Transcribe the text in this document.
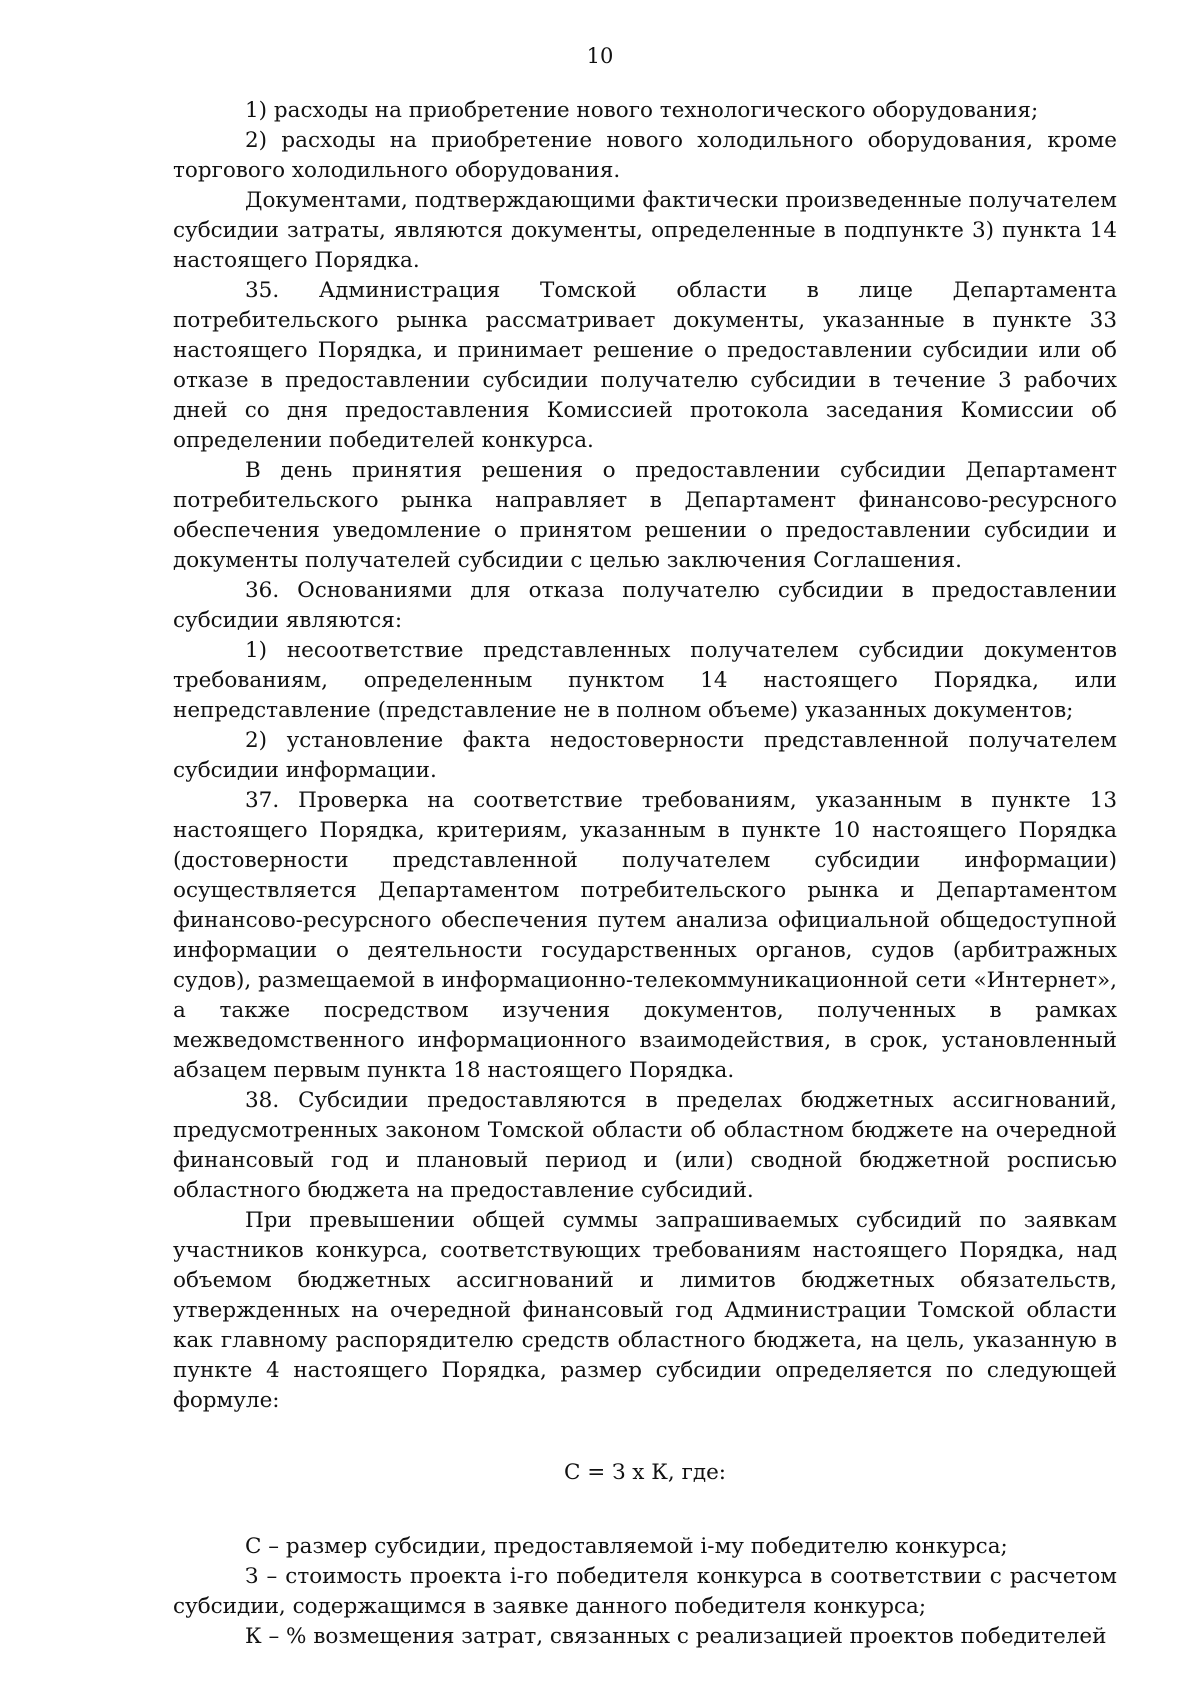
10

1) расходы на приобретение нового технологического оборудования;

2) расходы на приобретение нового холодильного оборудования, кроме торгового холодильного оборудования.

Документами, подтверждающими фактически произведенные получателем субсидии затраты, являются документы, определенные в подпункте 3) пункта 14 настоящего Порядка.

35. Администрация Томской области в лице Департамента потребительского рынка рассматривает документы, указанные в пункте 33 настоящего Порядка, и принимает решение о предоставлении субсидии или об отказе в предоставлении субсидии получателю субсидии в течение 3 рабочих дней со дня предоставления Комиссией протокола заседания Комиссии об определении победителей конкурса.

В день принятия решения о предоставлении субсидии Департамент потребительского рынка направляет в Департамент финансово-ресурсного обеспечения уведомление о принятом решении о предоставлении субсидии и документы получателей субсидии с целью заключения Соглашения.

36. Основаниями для отказа получателю субсидии в предоставлении субсидии являются:

1) несоответствие представленных получателем субсидии документов требованиям, определенным пунктом 14 настоящего Порядка, или непредставление (представление не в полном объеме) указанных документов;

2) установление факта недостоверности представленной получателем субсидии информации.

37. Проверка на соответствие требованиям, указанным в пункте 13 настоящего Порядка, критериям, указанным в пункте 10 настоящего Порядка (достоверности представленной получателем субсидии информации) осуществляется Департаментом потребительского рынка и Департаментом финансово-ресурсного обеспечения путем анализа официальной общедоступной информации о деятельности государственных органов, судов (арбитражных судов), размещаемой в информационно-телекоммуникационной сети «Интернет», а также посредством изучения документов, полученных в рамках межведомственного информационного взаимодействия, в срок, установленный абзацем первым пункта 18 настоящего Порядка.

38. Субсидии предоставляются в пределах бюджетных ассигнований, предусмотренных законом Томской области об областном бюджете на очередной финансовый год и плановый период и (или) сводной бюджетной росписью областного бюджета на предоставление субсидий.

При превышении общей суммы запрашиваемых субсидий по заявкам участников конкурса, соответствующих требованиям настоящего Порядка, над объемом бюджетных ассигнований и лимитов бюджетных обязательств, утвержденных на очередной финансовый год Администрации Томской области как главному распорядителю средств областного бюджета, на цель, указанную в пункте 4 настоящего Порядка, размер субсидии определяется по следующей формуле:

С = З х К, где:

С – размер субсидии, предоставляемой i-му победителю конкурса;

З – стоимость проекта i-го победителя конкурса в соответствии с расчетом субсидии, содержащимся в заявке данного победителя конкурса;

К – % возмещения затрат, связанных с реализацией проектов победителей
